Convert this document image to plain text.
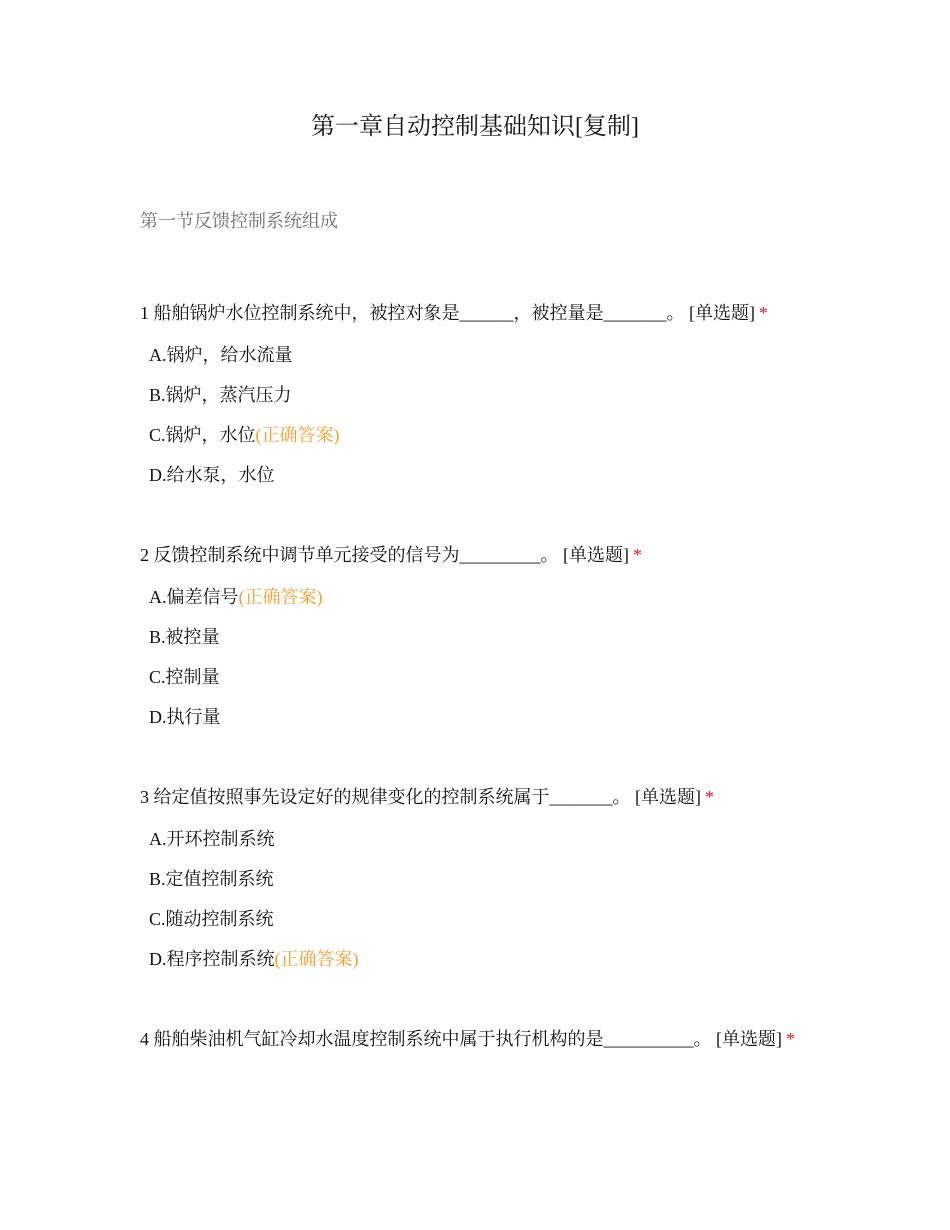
第一章自动控制基础知识[复制]
第一节反馈控制系统组成

1 船舶锅炉水位控制系统中，被控对象是______，被控量是_______。 [单选题] *

A.锅炉，给水流量
B.锅炉，蒸汽压力
C.锅炉，水位(正确答案)
D.给水泵，水位

2 反馈控制系统中调节单元接受的信号为_________。 [单选题] *

A.偏差信号(正确答案)
B.被控量
C.控制量
D.执行量

3 给定值按照事先设定好的规律变化的控制系统属于_______。 [单选题] *

A.开环控制系统
B.定值控制系统
C.随动控制系统
D.程序控制系统(正确答案)

4 船舶柴油机气缸冷却水温度控制系统中属于执行机构的是__________。 [单选题] *
